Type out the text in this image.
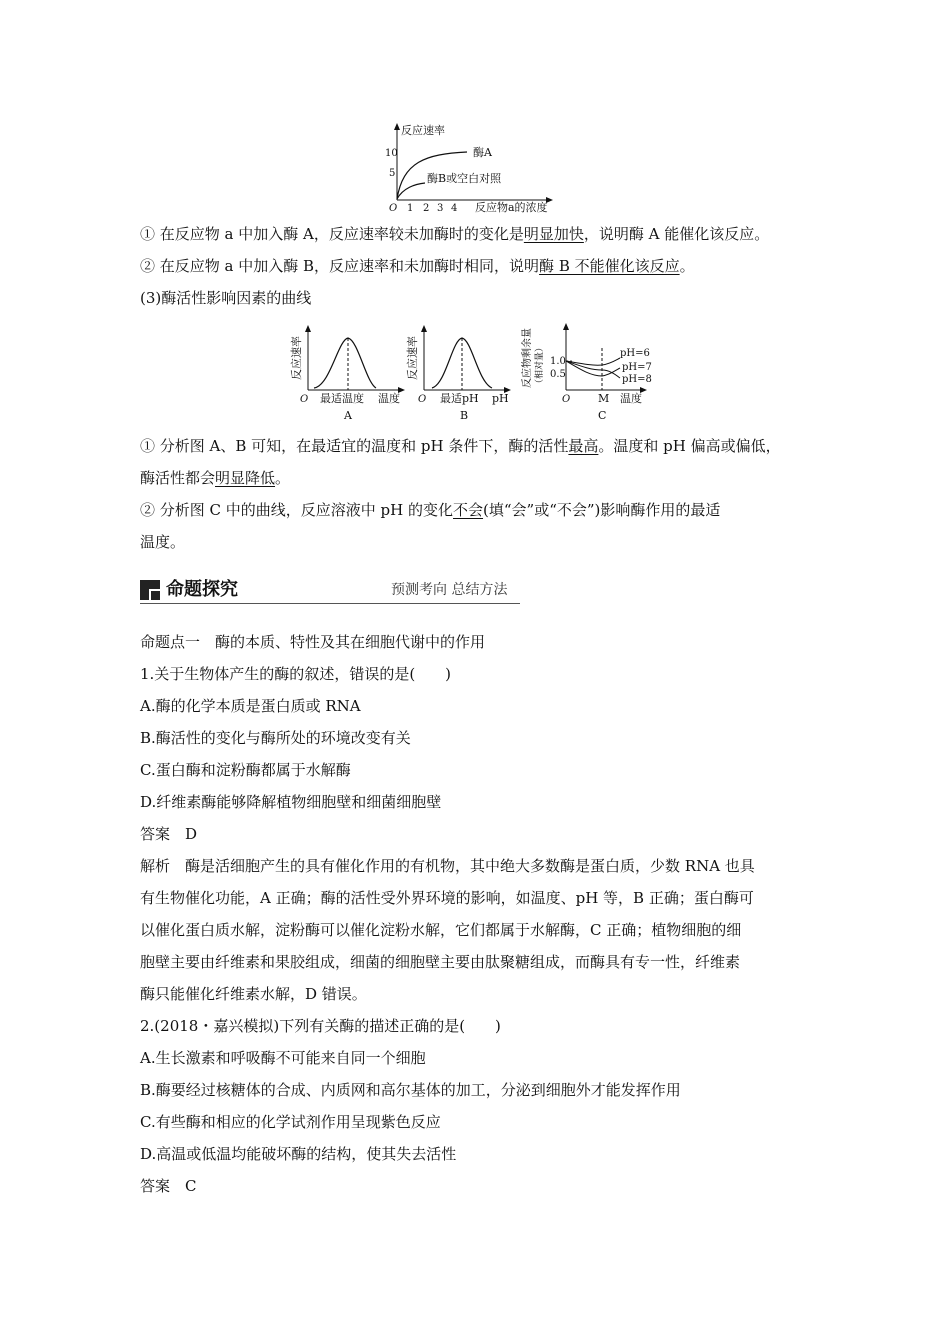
反应速率
反应物a的浓度
O
10
5
1 2 3 4
酶A
酶B或空白对照
① 在反应物 a 中加入酶 A，反应速率较未加酶时的变化是明显加快，说明酶 A 能催化该反应。
② 在反应物 a 中加入酶 B，反应速率和未加酶时相同，说明酶 B 不能催化该反应。
(3)酶活性影响因素的曲线
反应速率
O 最适温度 温度
A
反应速率
O 最适pH pH
B
反应物剩余量 （相对量） 1.0
0.5
pH=6
pH=7
pH=8
O	M 温度
C
① 分析图 A、B 可知，在最适宜的温度和 pH 条件下，酶的活性最高。温度和 pH 偏高或偏低，
酶活性都会明显降低。
② 分析图 C 中的曲线，反应溶液中 pH 的变化不会(填“会”或“不会”)影响酶作用的最适
温度。
命题探究	预测考向 总结方法
命题点一　酶的本质、特性及其在细胞代谢中的作用
1.关于生物体产生的酶的叙述，错误的是(　　)
A.酶的化学本质是蛋白质或 RNA
B.酶活性的变化与酶所处的环境改变有关
C.蛋白酶和淀粉酶都属于水解酶
D.纤维素酶能够降解植物细胞壁和细菌细胞壁
答案　D
解析　酶是活细胞产生的具有催化作用的有机物，其中绝大多数酶是蛋白质，少数 RNA 也具
有生物催化功能，A 正确；酶的活性受外界环境的影响，如温度、pH 等，B 正确；蛋白酶可
以催化蛋白质水解，淀粉酶可以催化淀粉水解，它们都属于水解酶，C 正确；植物细胞的细
胞壁主要由纤维素和果胶组成，细菌的细胞壁主要由肽聚糖组成，而酶具有专一性，纤维素
酶只能催化纤维素水解，D 错误。
2.(2018・嘉兴模拟)下列有关酶的描述正确的是(　　)
A.生长激素和呼吸酶不可能来自同一个细胞
B.酶要经过核糖体的合成、内质网和高尔基体的加工，分泌到细胞外才能发挥作用
C.有些酶和相应的化学试剂作用呈现紫色反应
D.高温或低温均能破坏酶的结构，使其失去活性
答案　C
